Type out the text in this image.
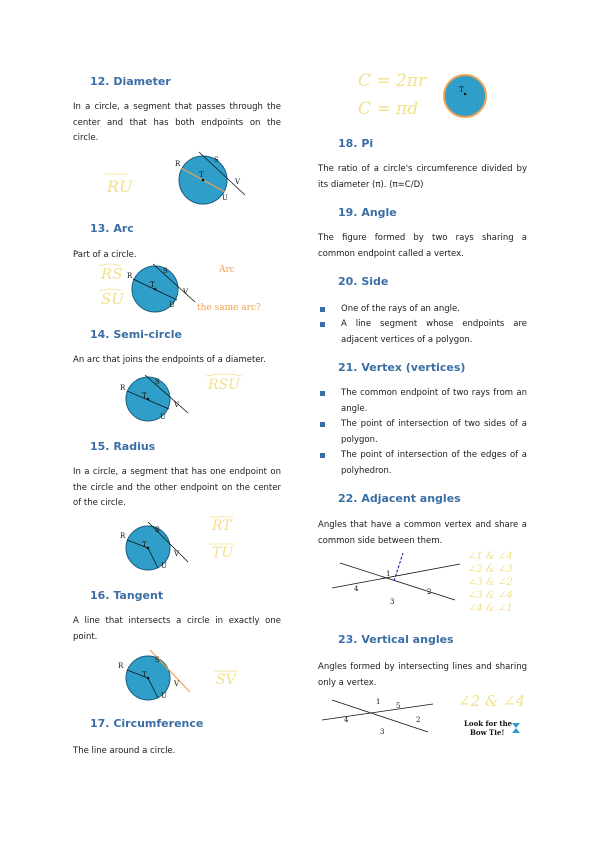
12. Diameter
In a circle, a segment that passes through the center and that has both endpoints on the circle.
RU
R	S
T
V
U
13. Arc
Part of a circle.
RS
SU
R
S
T
V
U
Arc
the same arc?
14. Semi-circle
An arc that joins the endpoints of a diameter.
R
S
T
V
U
RSU
15. Radius
In a circle, a segment that has one endpoint on the circle and the other endpoint on the center of the circle.
RT
TU
R
S
T
V
U
16. Tangent
A line that intersects a circle in exactly one point.
R
S
T
V
U
SV
17. Circumference
The line around a circle.
C = 2πr
C = πd
T
18. Pi
The ratio of a circle's circumference divided by its diameter (π). (π=C/D)
19. Angle
The figure formed by two rays sharing a common endpoint called a vertex.
20. Side
One of the rays of an angle.
A line segment whose endpoints are adjacent vertices of a polygon.
21. Vertex (vertices)
The common endpoint of two rays from an angle.
The point of intersection of two sides of a polygon.
The point of intersection of the edges of a polyhedron.
22. Adjacent angles
Angles that have a common vertex and share a common side between them.
1
2
3
4
∠1 & ∠4
∠2 & ∠3
∠3 & ∠2
∠3 & ∠4
∠4 & ∠1
23. Vertical angles
Angles formed by intersecting lines and sharing only a vertex.
1 5
2
3
4
∠2 & ∠4
Look for the
Bow Tie!
